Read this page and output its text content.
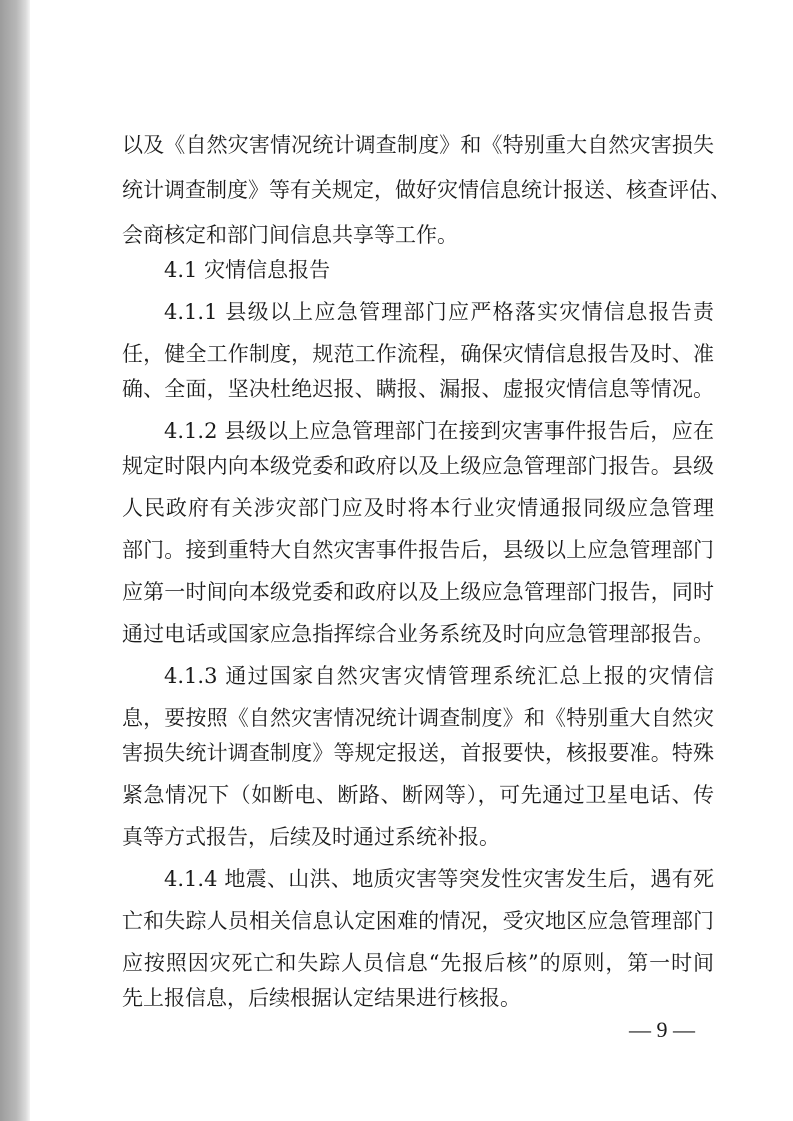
以及《自然灾害情况统计调查制度》和《特别重大自然灾害损失
统计调查制度》等有关规定，做好灾情信息统计报送、核查评估、
会商核定和部门间信息共享等工作。
4.1 灾情信息报告
4.1.1 县级以上应急管理部门应严格落实灾情信息报告责
任，健全工作制度，规范工作流程，确保灾情信息报告及时、准
确、全面，坚决杜绝迟报、瞒报、漏报、虚报灾情信息等情况。
4.1.2 县级以上应急管理部门在接到灾害事件报告后，应在
规定时限内向本级党委和政府以及上级应急管理部门报告。县级
人民政府有关涉灾部门应及时将本行业灾情通报同级应急管理
部门。接到重特大自然灾害事件报告后，县级以上应急管理部门
应第一时间向本级党委和政府以及上级应急管理部门报告，同时
通过电话或国家应急指挥综合业务系统及时向应急管理部报告。
4.1.3 通过国家自然灾害灾情管理系统汇总上报的灾情信
息，要按照《自然灾害情况统计调查制度》和《特别重大自然灾
害损失统计调查制度》等规定报送，首报要快，核报要准。特殊
紧急情况下（如断电、断路、断网等），可先通过卫星电话、传
真等方式报告，后续及时通过系统补报。
4.1.4 地震、山洪、地质灾害等突发性灾害发生后，遇有死
亡和失踪人员相关信息认定困难的情况，受灾地区应急管理部门
应按照因灾死亡和失踪人员信息“先报后核”的原则，第一时间
先上报信息，后续根据认定结果进行核报。
— 9 —
